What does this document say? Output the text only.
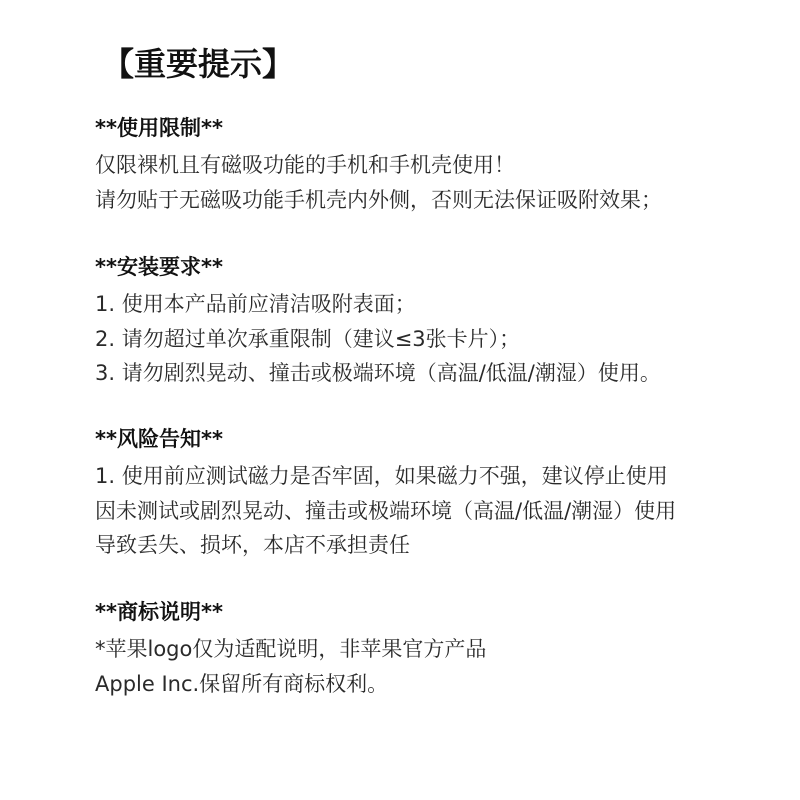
【重要提示】
**使用限制**

仅限裸机且有磁吸功能的手机和手机壳使用！

请勿贴于无磁吸功能手机壳内外侧，否则无法保证吸附效果；

**安装要求**

1. 使用本产品前应清洁吸附表面；

2. 请勿超过单次承重限制（建议≤3张卡片）；

3. 请勿剧烈晃动、撞击或极端环境（高温/低温/潮湿）使用。

**风险告知**

1. 使用前应测试磁力是否牢固，如果磁力不强，建议停止使用

因未测试或剧烈晃动、撞击或极端环境（高温/低温/潮湿）使用

导致丢失、损坏，本店不承担责任

**商标说明**

*苹果logo仅为适配说明，非苹果官方产品

Apple Inc.保留所有商标权利。
